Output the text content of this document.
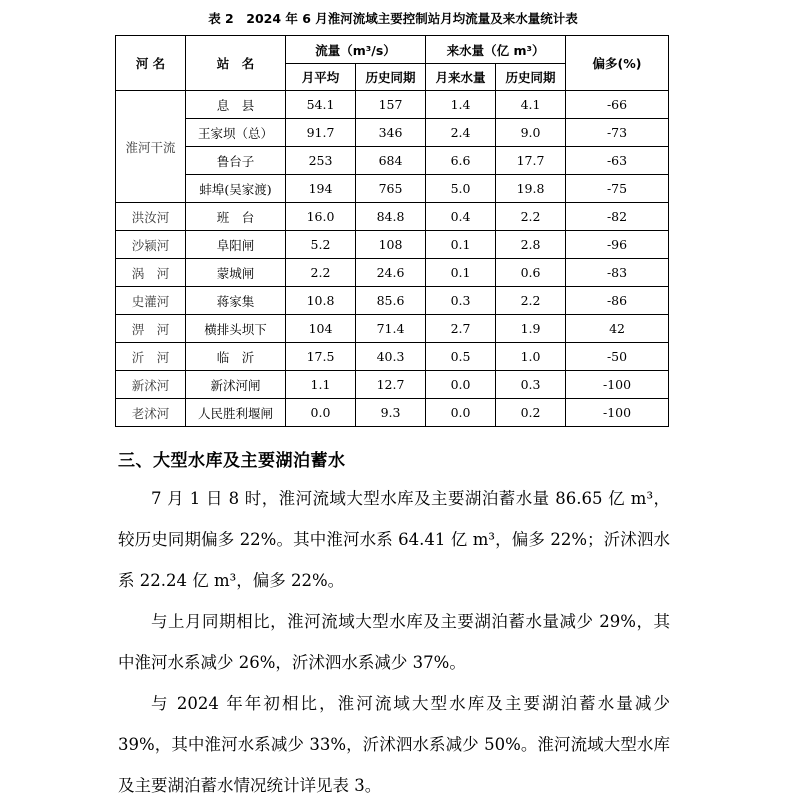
表 2　2024 年 6 月淮河流域主要控制站月均流量及来水量统计表
河 名	站　名	流量（m³/s）		来水量（亿 m³）		偏多(%)
		月平均	历史同期	月来水量	历史同期	
淮河干流	息　县	54.1	157	1.4	4.1	-66
	王家坝（总）	91.7	346	2.4	9.0	-73
	鲁台子	253	684	6.6	17.7	-63
	蚌埠(吴家渡)	194	765	5.0	19.8	-75
洪汝河	班　台	16.0	84.8	0.4	2.2	-82
沙颍河	阜阳闸	5.2	108	0.1	2.8	-96
涡　河	蒙城闸	2.2	24.6	0.1	0.6	-83
史灌河	蒋家集	10.8	85.6	0.3	2.2	-86
淠　河	横排头坝下	104	71.4	2.7	1.9	42
沂　河	临　沂	17.5	40.3	0.5	1.0	-50
新沭河	新沭河闸	1.1	12.7	0.0	0.3	-100
老沭河	人民胜利堰闸	0.0	9.3	0.0	0.2	-100
三、大型水库及主要湖泊蓄水

7 月 1 日 8 时，淮河流域大型水库及主要湖泊蓄水量 86.65 亿 m³，较历史同期偏多 22%。其中淮河水系 64.41 亿 m³，偏多 22%；沂沭泗水系 22.24 亿 m³，偏多 22%。

与上月同期相比，淮河流域大型水库及主要湖泊蓄水量减少 29%，其中淮河水系减少 26%，沂沭泗水系减少 37%。

与 2024 年年初相比，淮河流域大型水库及主要湖泊蓄水量减少 39%，其中淮河水系减少 33%，沂沭泗水系减少 50%。淮河流域大型水库及主要湖泊蓄水情况统计详见表 3。
